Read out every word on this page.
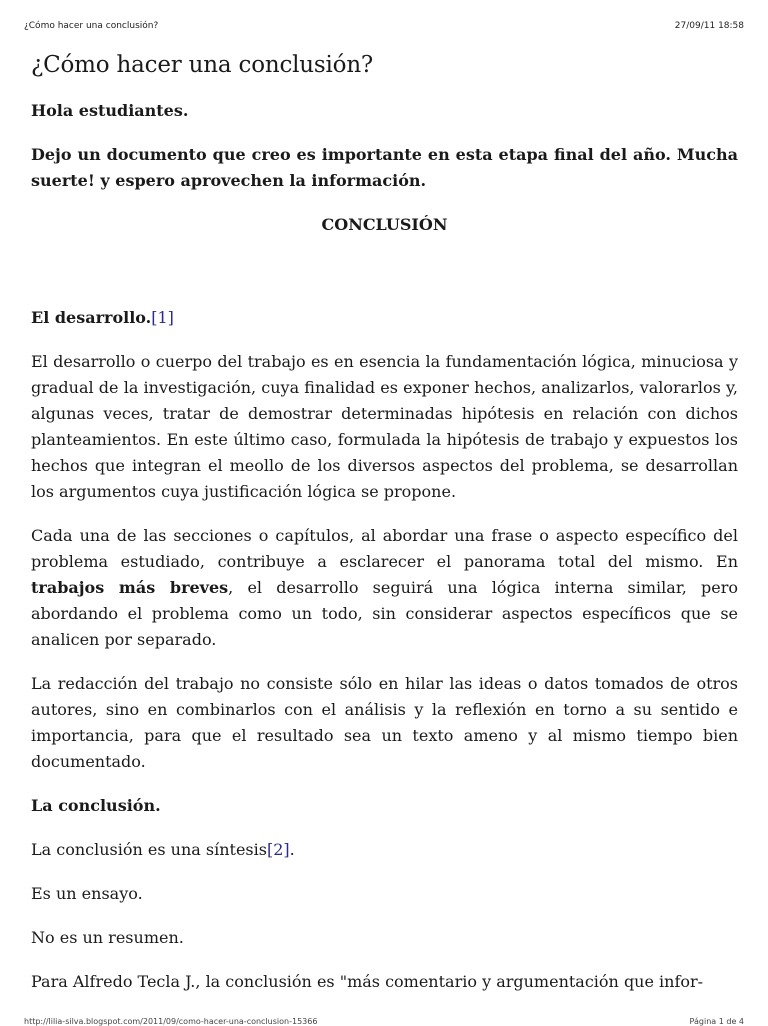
¿Cómo hacer una conclusión?	27/09/11 18:58
¿Cómo hacer una conclusión?

Hola estudiantes.

Dejo un documento que creo es importante en esta etapa final del año. Mucha suerte! y espero aprovechen la información.

CONCLUSIÓN

El desarrollo.[1]

El desarrollo o cuerpo del trabajo es en esencia la fundamentación lógica, minuciosa y gradual de la investigación, cuya finalidad es exponer hechos, analizarlos, valorarlos y, algunas veces, tratar de demostrar determinadas hipótesis en relación con dichos planteamientos. En este último caso, formulada la hipótesis de trabajo y expuestos los hechos que integran el meollo de los diversos aspectos del problema, se desarrollan los argumentos cuya justificación lógica se propone.

Cada una de las secciones o capítulos, al abordar una frase o aspecto específico del problema estudiado, contribuye a esclarecer el panorama total del mismo. En trabajos más breves, el desarrollo seguirá una lógica interna similar, pero abordando el problema como un todo, sin considerar aspectos específicos que se analicen por separado.

La redacción del trabajo no consiste sólo en hilar las ideas o datos tomados de otros autores, sino en combinarlos con el análisis y la reflexión en torno a su sentido e importancia, para que el resultado sea un texto ameno y al mismo tiempo bien documentado.

La conclusión.

La conclusión es una síntesis[2].

Es un ensayo.

No es un resumen.

Para Alfredo Tecla J., la conclusión es "más comentario y argumentación que infor-

http://lilia-silva.blogspot.com/2011/09/como-hacer-una-conclusion-15366	Página 1 de 4
